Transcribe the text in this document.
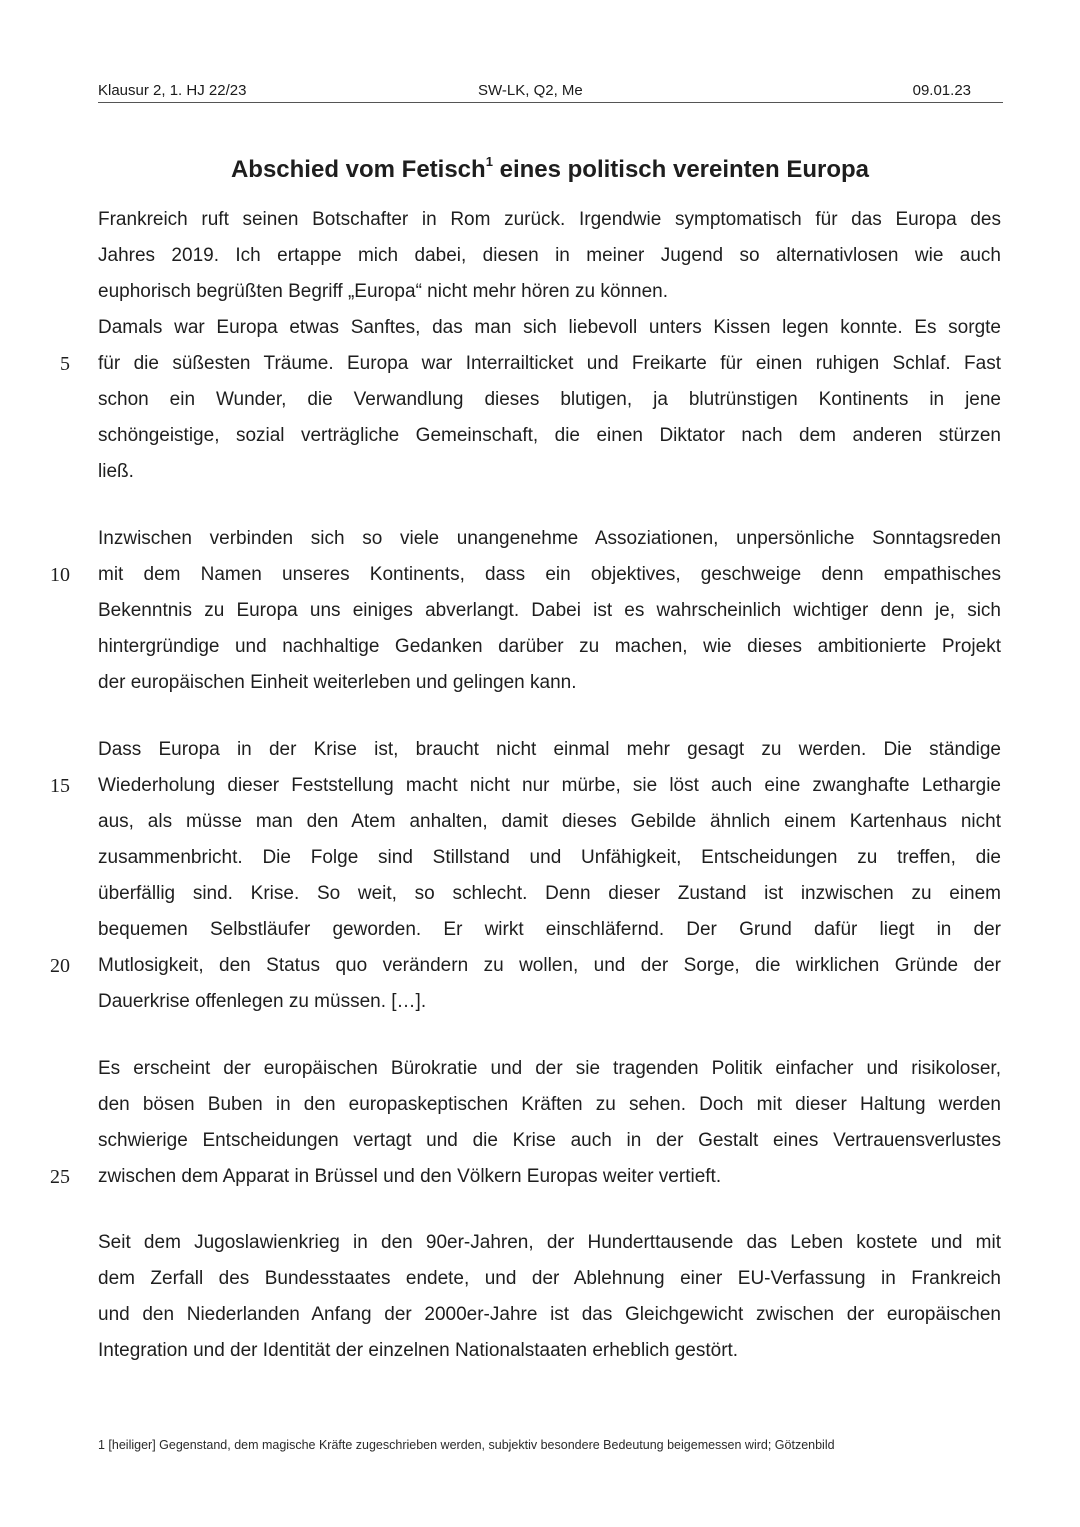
Klausur 2, 1. HJ 22/23	SW-LK, Q2, Me	09.01.23
Abschied vom Fetisch$^1$ eines politisch vereinten Europa
Frankreich ruft seinen Botschafter in Rom zurück. Irgendwie symptomatisch für das Europa des
Jahres 2019. Ich ertappe mich dabei, diesen in meiner Jugend so alternativlosen wie auch
euphorisch begrüßten Begriff „Europa“ nicht mehr hören zu können.
Damals war Europa etwas Sanftes, das man sich liebevoll unters Kissen legen konnte. Es sorgte
für die süßesten Träume. Europa war Interrailticket und Freikarte für einen ruhigen Schlaf. Fast
schon ein Wunder, die Verwandlung dieses blutigen, ja blutrünstigen Kontinents in jene
schöngeistige, sozial verträgliche Gemeinschaft, die einen Diktator nach dem anderen stürzen
ließ.
Inzwischen verbinden sich so viele unangenehme Assoziationen, unpersönliche Sonntagsreden
mit dem Namen unseres Kontinents, dass ein objektives, geschweige denn empathisches
Bekenntnis zu Europa uns einiges abverlangt. Dabei ist es wahrscheinlich wichtiger denn je, sich
hintergründige und nachhaltige Gedanken darüber zu machen, wie dieses ambitionierte Projekt
der europäischen Einheit weiterleben und gelingen kann.
Dass Europa in der Krise ist, braucht nicht einmal mehr gesagt zu werden. Die ständige
Wiederholung dieser Feststellung macht nicht nur mürbe, sie löst auch eine zwanghafte Lethargie
aus, als müsse man den Atem anhalten, damit dieses Gebilde ähnlich einem Kartenhaus nicht
zusammenbricht. Die Folge sind Stillstand und Unfähigkeit, Entscheidungen zu treffen, die
überfällig sind. Krise. So weit, so schlecht. Denn dieser Zustand ist inzwischen zu einem
bequemen Selbstläufer geworden. Er wirkt einschläfernd. Der Grund dafür liegt in der
Mutlosigkeit, den Status quo verändern zu wollen, und der Sorge, die wirklichen Gründe der
Dauerkrise offenlegen zu müssen. […].
Es erscheint der europäischen Bürokratie und der sie tragenden Politik einfacher und risikoloser,
den bösen Buben in den europaskeptischen Kräften zu sehen. Doch mit dieser Haltung werden
schwierige Entscheidungen vertagt und die Krise auch in der Gestalt eines Vertrauensverlustes
zwischen dem Apparat in Brüssel und den Völkern Europas weiter vertieft.
Seit dem Jugoslawienkrieg in den 90er-Jahren, der Hunderttausende das Leben kostete und mit
dem Zerfall des Bundesstaates endete, und der Ablehnung einer EU-Verfassung in Frankreich
und den Niederlanden Anfang der 2000er-Jahre ist das Gleichgewicht zwischen der europäischen
Integration und der Identität der einzelnen Nationalstaaten erheblich gestört.
5
10
15
20
25
1 [heiliger] Gegenstand, dem magische Kräfte zugeschrieben werden, subjektiv besondere Bedeutung beigemessen wird; Götzenbild
